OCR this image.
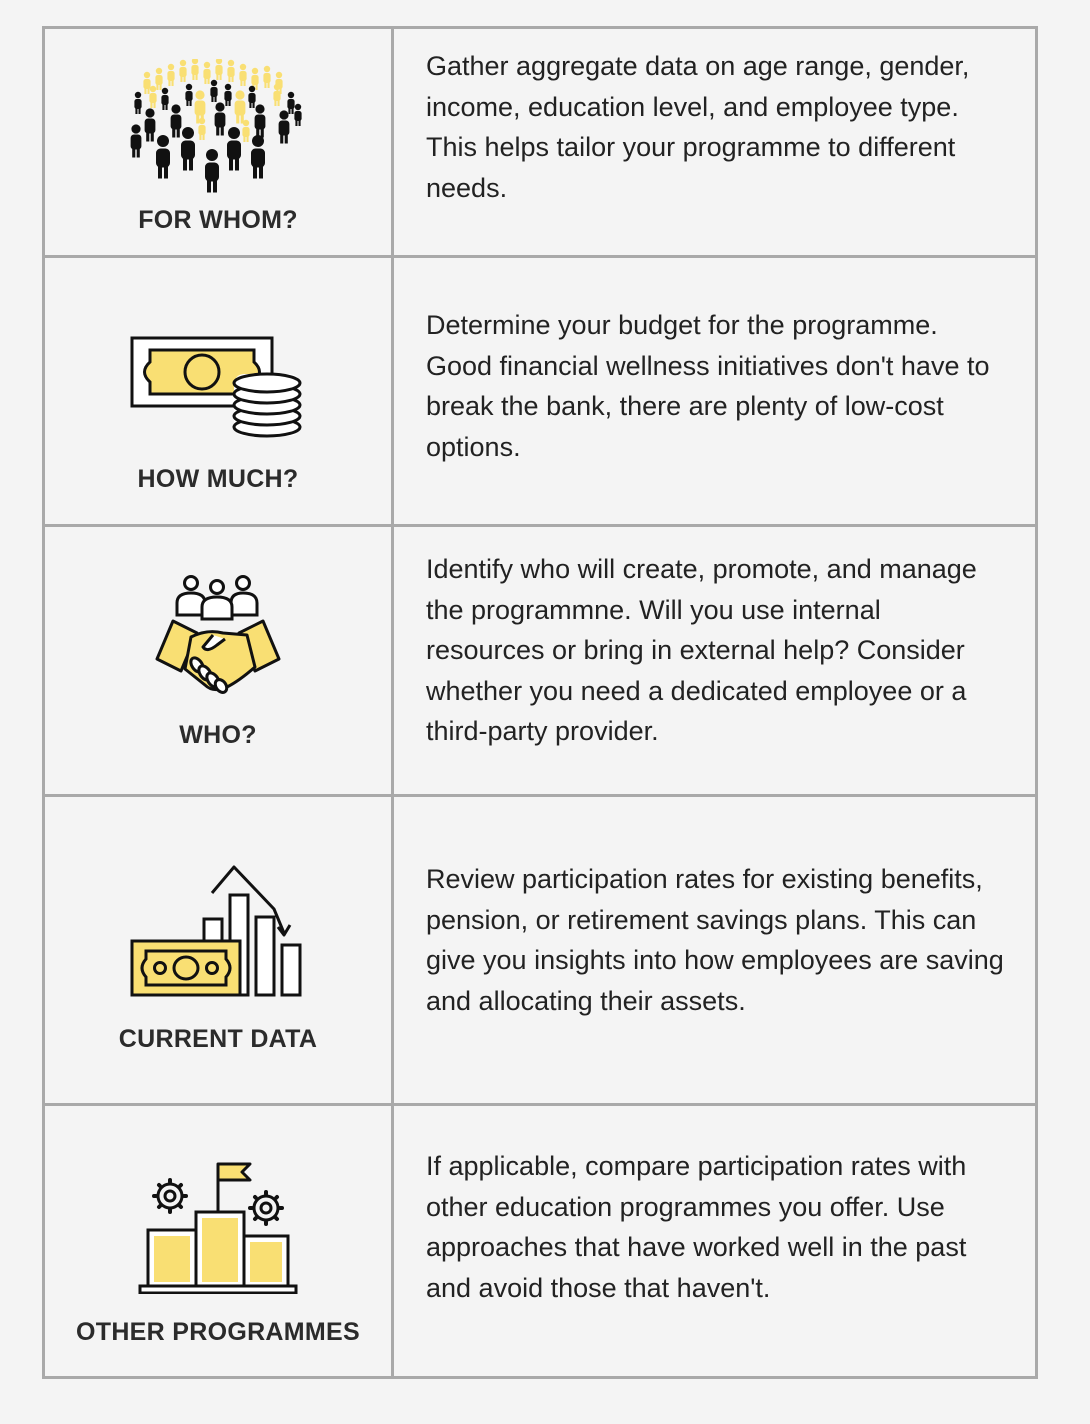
FOR WHOM?

Gather aggregate data on age range, gender, income, education level, and employee type. This helps tailor your programme to different needs.

HOW MUCH?

Determine your budget for the programme. Good financial wellness initiatives don't have to break the bank, there are plenty of low-cost options.

WHO?

Identify who will create, promote, and manage the programmne. Will you use internal resources or bring in external help? Consider whether you need a dedicated employee or a third-party provider.

CURRENT DATA

Review participation rates for existing benefits, pension, or retirement savings plans. This can give you insights into how employees are saving and allocating their assets.

OTHER PROGRAMMES

If applicable, compare participation rates with other education programmes you offer. Use approaches that have worked well in the past and avoid those that haven't.
